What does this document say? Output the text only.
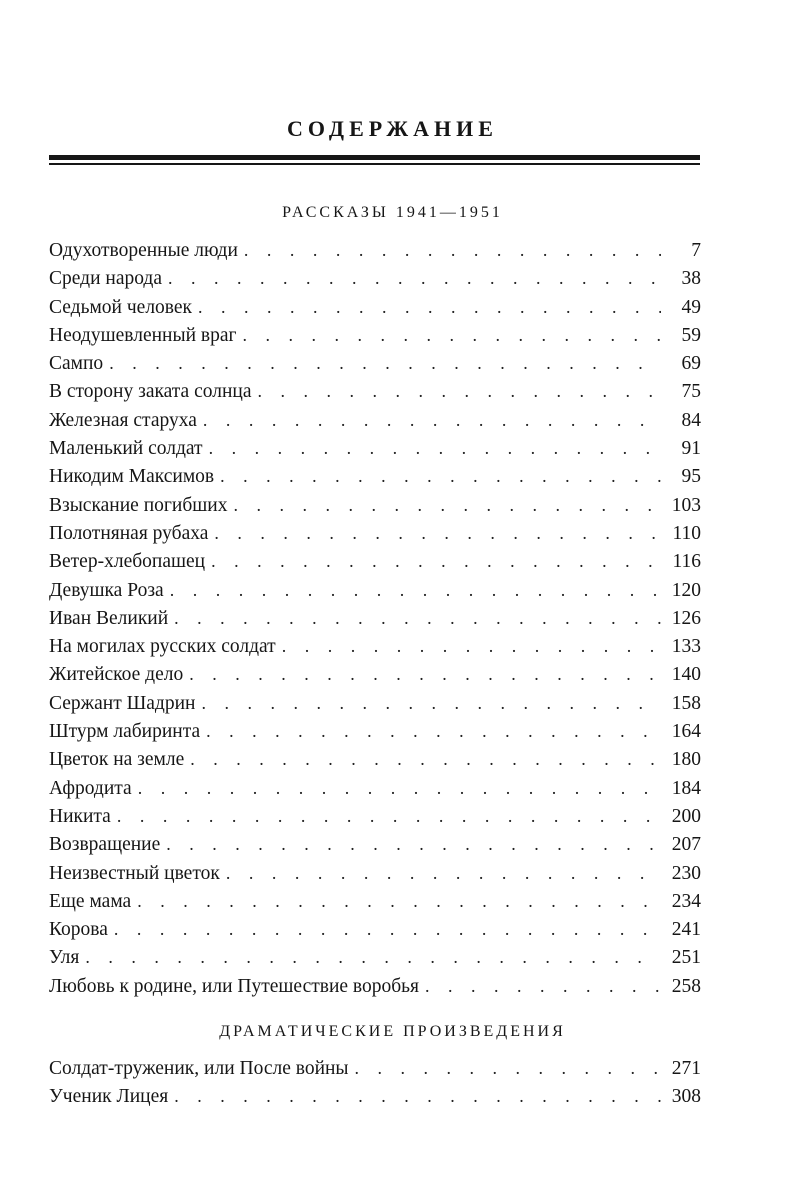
СОДЕРЖАНИЕ
РАССКАЗЫ 1941—1951
Одухотворенные люди . . .	7
Среди народа . . .	38
Седьмой человек . . .	49
Неодушевленный враг . . .	59
Сампо . . .	69
В сторону заката солнца . . .	75
Железная старуха . . .	84
Маленький солдат . . .	91
Никодим Максимов . . .	95
Взыскание погибших . . .	103
Полотняная рубаха . . .	110
Ветер-хлебопашец . . .	116
Девушка Роза . . .	120
Иван Великий . . .	126
На могилах русских солдат . . .	133
Житейское дело . . .	140
Сержант Шадрин . . .	158
Штурм лабиринта . . .	164
Цветок на земле . . .	180
Афродита . . .	184
Никита . . .	200
Возвращение . . .	207
Неизвестный цветок . . .	230
Еще мама . . .	234
Корова . . .	241
Уля . . .	251
Любовь к родине, или Путешествие воробья . . .	258
ДРАМАТИЧЕСКИЕ ПРОИЗВЕДЕНИЯ
Солдат-труженик, или После войны . . .	271
Ученик Лицея . . .	308
